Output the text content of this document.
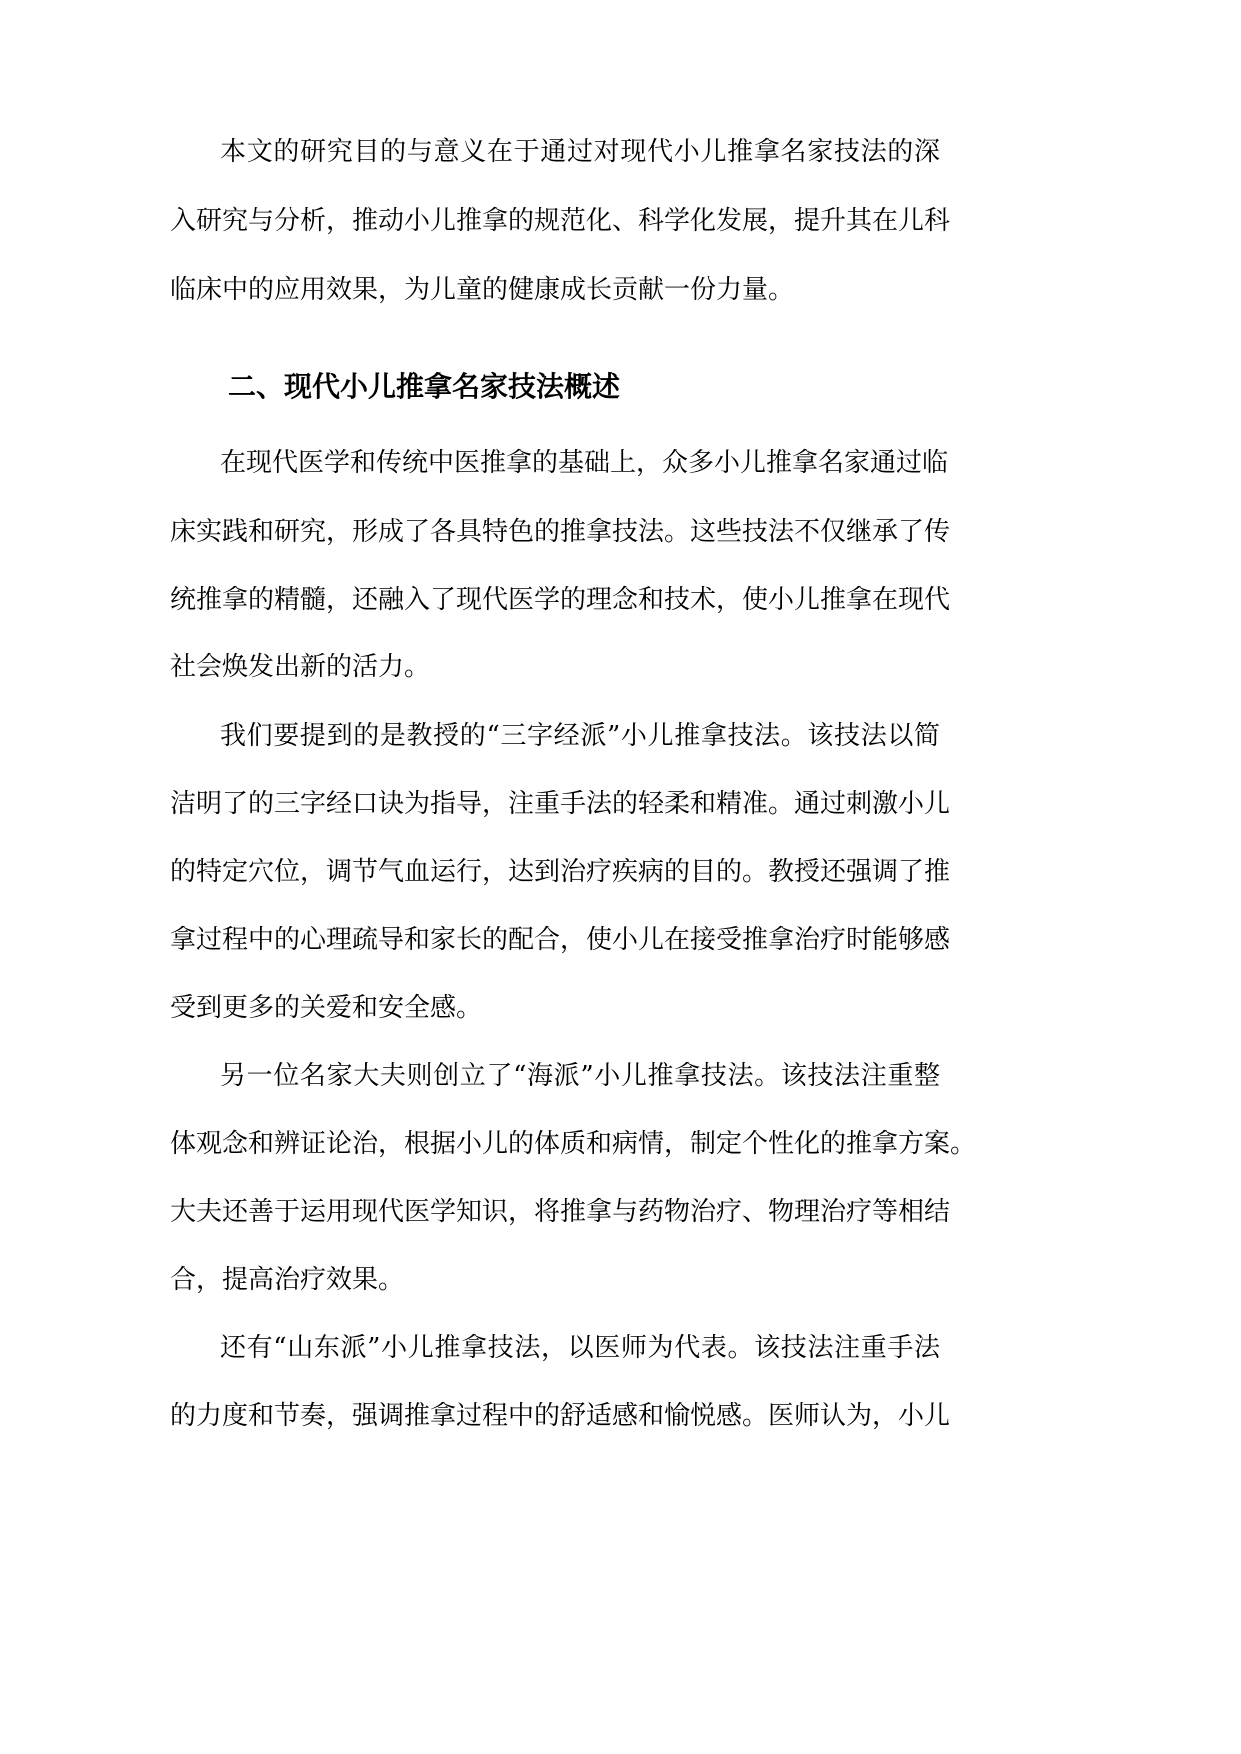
本文的研究目的与意义在于通过对现代小儿推拿名家技法的深
入研究与分析，推动小儿推拿的规范化、科学化发展，提升其在儿科
临床中的应用效果，为儿童的健康成长贡献一份力量。
二、现代小儿推拿名家技法概述
在现代医学和传统中医推拿的基础上，众多小儿推拿名家通过临
床实践和研究，形成了各具特色的推拿技法。这些技法不仅继承了传
统推拿的精髓，还融入了现代医学的理念和技术，使小儿推拿在现代
社会焕发出新的活力。
我们要提到的是教授的“三字经派”小儿推拿技法。该技法以简
洁明了的三字经口诀为指导，注重手法的轻柔和精准。通过刺激小儿
的特定穴位，调节气血运行，达到治疗疾病的目的。教授还强调了推
拿过程中的心理疏导和家长的配合，使小儿在接受推拿治疗时能够感
受到更多的关爱和安全感。
另一位名家大夫则创立了“海派”小儿推拿技法。该技法注重整
体观念和辨证论治，根据小儿的体质和病情，制定个性化的推拿方案。
大夫还善于运用现代医学知识，将推拿与药物治疗、物理治疗等相结
合，提高治疗效果。
还有“山东派”小儿推拿技法，以医师为代表。该技法注重手法
的力度和节奏，强调推拿过程中的舒适感和愉悦感。医师认为，小儿
